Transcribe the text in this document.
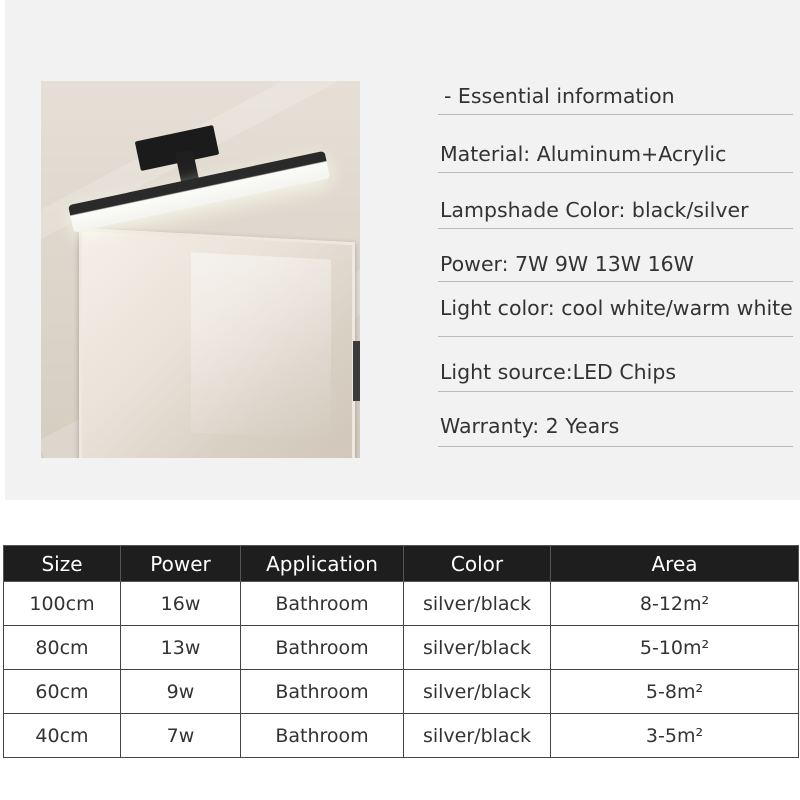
- Essential information
Material: Aluminum+Acrylic
Lampshade Color: black/silver
Power: 7W 9W 13W 16W
Light color: cool white/warm white
Light source:LED Chips
Warranty: 2 Years
Size	Power	Application	Color	Area
100cm	16w	Bathroom	silver/black	8-12m²
80cm	13w	Bathroom	silver/black	5-10m²
60cm	9w	Bathroom	silver/black	5-8m²
40cm	7w	Bathroom	silver/black	3-5m²
